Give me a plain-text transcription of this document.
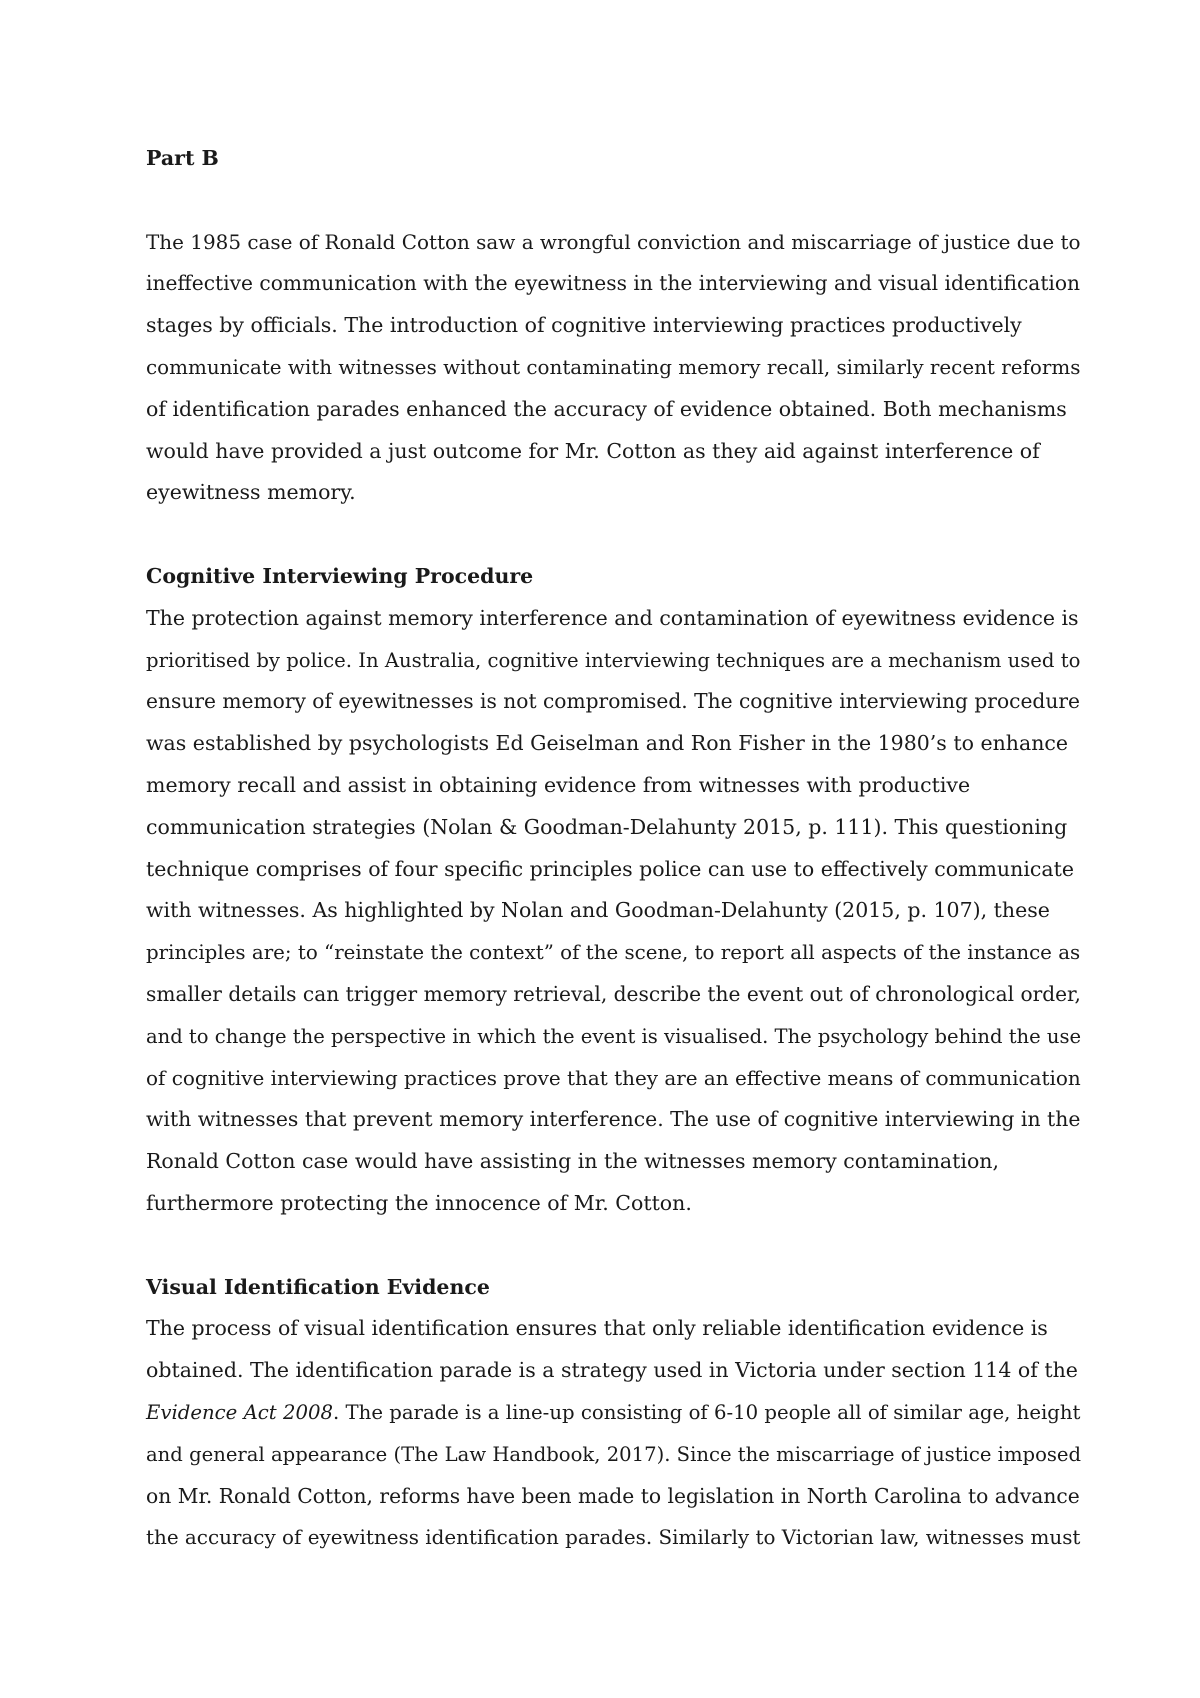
Part B

The 1985 case of Ronald Cotton saw a wrongful conviction and miscarriage of justice due to
ineffective communication with the eyewitness in the interviewing and visual identification
stages by officials. The introduction of cognitive interviewing practices productively
communicate with witnesses without contaminating memory recall, similarly recent reforms
of identification parades enhanced the accuracy of evidence obtained. Both mechanisms
would have provided a just outcome for Mr. Cotton as they aid against interference of
eyewitness memory.

Cognitive Interviewing Procedure

The protection against memory interference and contamination of eyewitness evidence is
prioritised by police. In Australia, cognitive interviewing techniques are a mechanism used to
ensure memory of eyewitnesses is not compromised. The cognitive interviewing procedure
was established by psychologists Ed Geiselman and Ron Fisher in the 1980’s to enhance
memory recall and assist in obtaining evidence from witnesses with productive
communication strategies (Nolan & Goodman-Delahunty 2015, p. 111). This questioning
technique comprises of four specific principles police can use to effectively communicate
with witnesses. As highlighted by Nolan and Goodman-Delahunty (2015, p. 107), these
principles are; to “reinstate the context” of the scene, to report all aspects of the instance as
smaller details can trigger memory retrieval, describe the event out of chronological order,
and to change the perspective in which the event is visualised. The psychology behind the use
of cognitive interviewing practices prove that they are an effective means of communication
with witnesses that prevent memory interference. The use of cognitive interviewing in the
Ronald Cotton case would have assisting in the witnesses memory contamination,
furthermore protecting the innocence of Mr. Cotton.

Visual Identification Evidence

The process of visual identification ensures that only reliable identification evidence is
obtained. The identification parade is a strategy used in Victoria under section 114 of the
Evidence Act 2008. The parade is a line-up consisting of 6-10 people all of similar age, height
and general appearance (The Law Handbook, 2017). Since the miscarriage of justice imposed
on Mr. Ronald Cotton, reforms have been made to legislation in North Carolina to advance
the accuracy of eyewitness identification parades. Similarly to Victorian law, witnesses must
